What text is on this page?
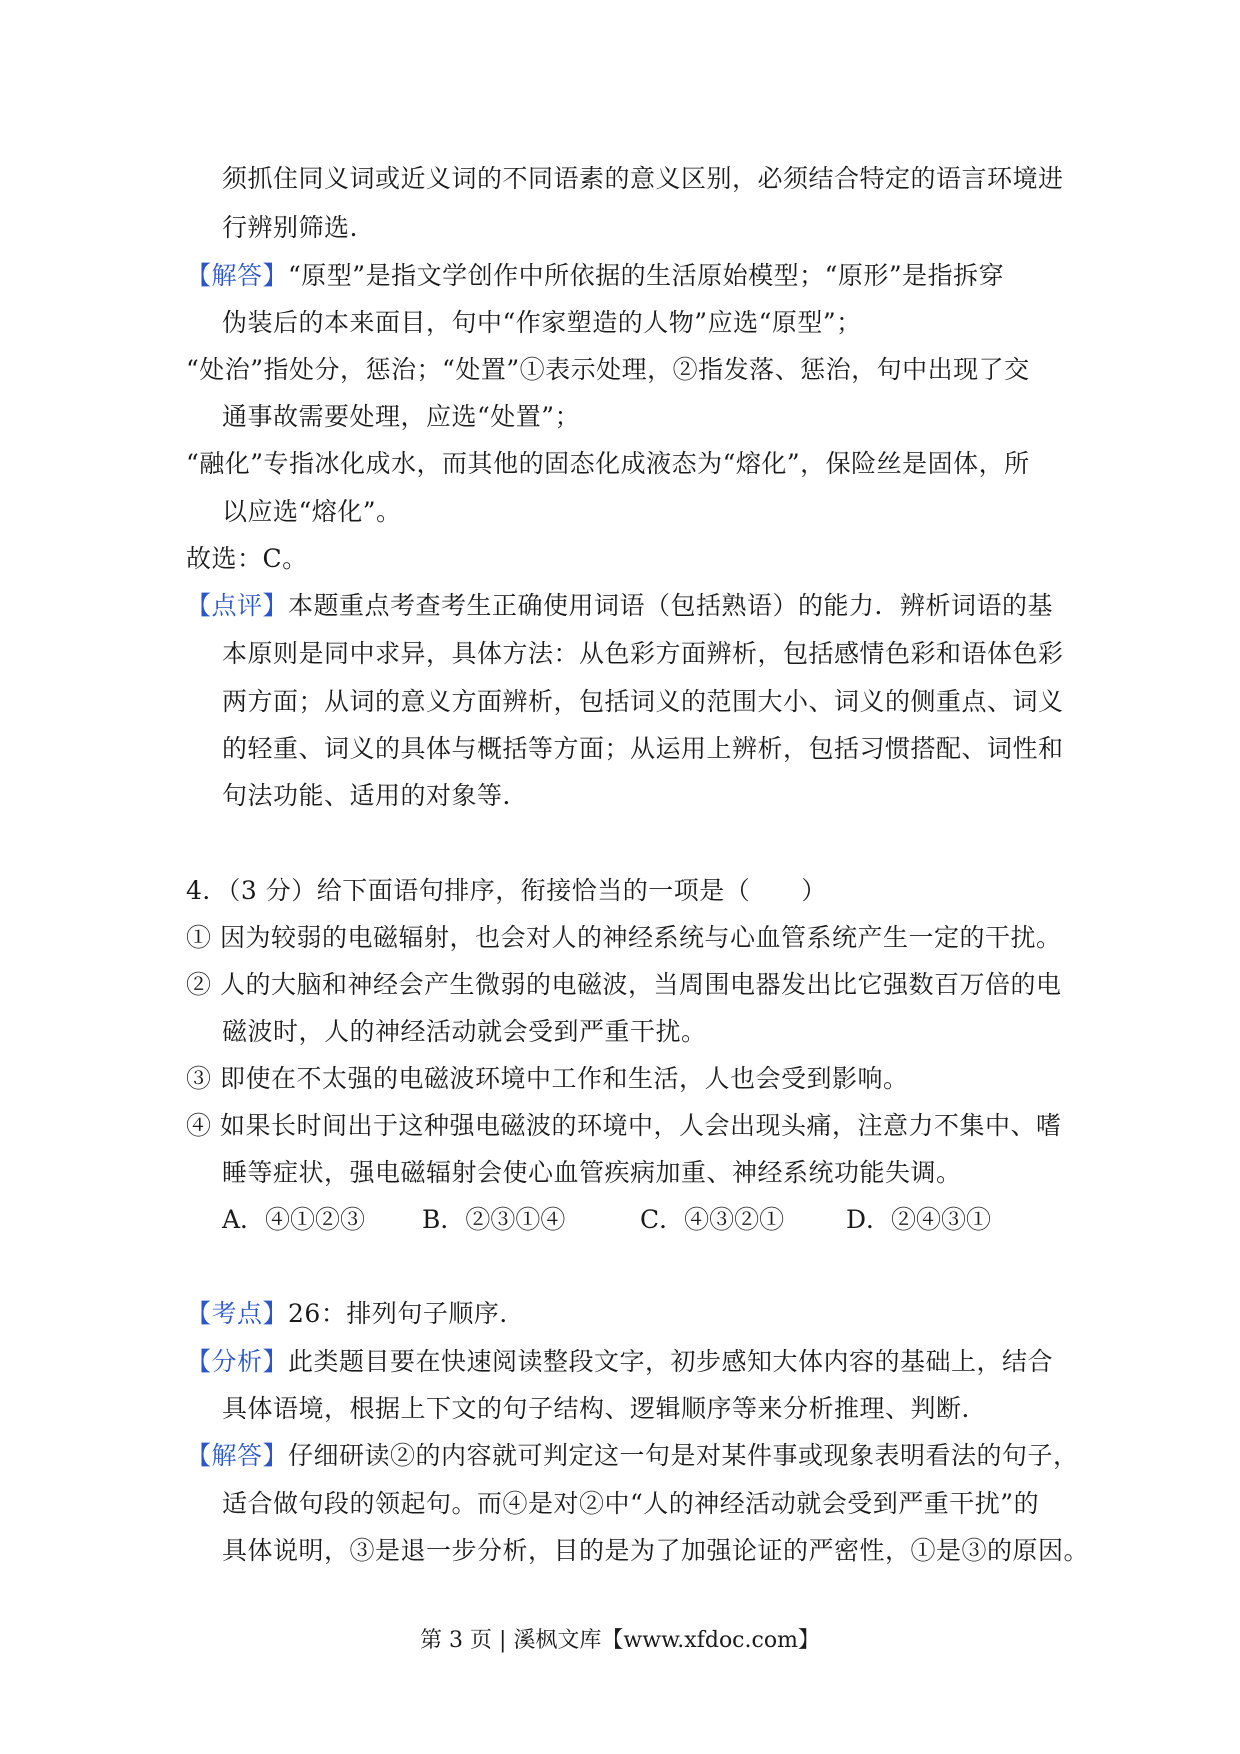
须抓住同义词或近义词的不同语素的意义区别，必须结合特定的语言环境进
行辨别筛选.
【解答】“原型”是指文学创作中所依据的生活原始模型；“原形”是指拆穿
伪装后的本来面目，句中“作家塑造的人物”应选“原型”；
“处治”指处分，惩治；“处置”①表示处理，②指发落、惩治，句中出现了交
通事故需要处理，应选“处置”；
“融化”专指冰化成水，而其他的固态化成液态为“熔化”，保险丝是固体，所
以应选“熔化”。
故选：C。
【点评】本题重点考查考生正确使用词语（包括熟语）的能力．辨析词语的基
本原则是同中求异，具体方法：从色彩方面辨析，包括感情色彩和语体色彩
两方面；从词的意义方面辨析，包括词义的范围大小、词义的侧重点、词义
的轻重、词义的具体与概括等方面；从运用上辨析，包括习惯搭配、词性和
句法功能、适用的对象等．
4．（3 分）给下面语句排序，衔接恰当的一项是（　　）
① 因为较弱的电磁辐射，也会对人的神经系统与心血管系统产生一定的干扰。
② 人的大脑和神经会产生微弱的电磁波，当周围电器发出比它强数百万倍的电
磁波时，人的神经活动就会受到严重干扰。
③ 即使在不太强的电磁波环境中工作和生活，人也会受到影响。
④ 如果长时间出于这种强电磁波的环境中，人会出现头痛，注意力不集中、嗜
睡等症状，强电磁辐射会使心血管疾病加重、神经系统功能失调。
A．④①②③ B．②③①④	C．④③②① D．②④③①
【考点】26：排列句子顺序．
【分析】此类题目要在快速阅读整段文字，初步感知大体内容的基础上，结合
具体语境，根据上下文的句子结构、逻辑顺序等来分析推理、判断．
【解答】仔细研读②的内容就可判定这一句是对某件事或现象表明看法的句子，
适合做句段的领起句。而④是对②中“人的神经活动就会受到严重干扰”的
具体说明，③是退一步分析，目的是为了加强论证的严密性，①是③的原因。
第 3 页 | 溪枫文库【www.xfdoc.com】
